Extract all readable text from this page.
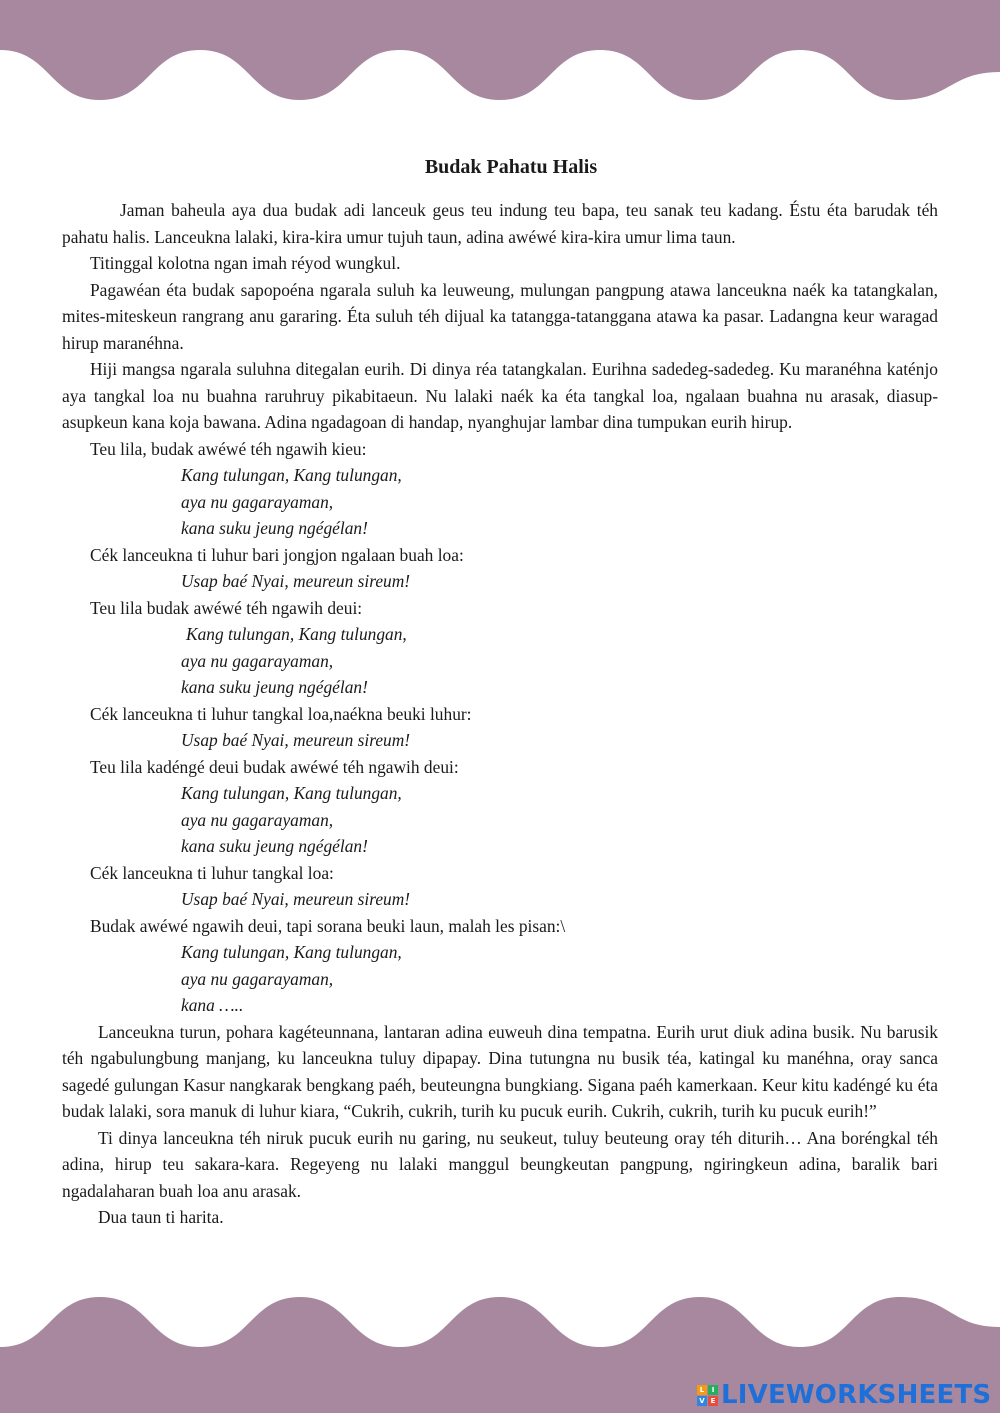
Budak Pahatu Halis

Jaman baheula aya dua budak adi lanceuk geus teu indung teu bapa, teu sanak teu kadang. Éstu éta barudak téh pahatu halis. Lanceukna lalaki, kira-kira umur tujuh taun, adina awéwé kira-kira umur lima taun.

Titinggal kolotna ngan imah réyod wungkul.

Pagawéan éta budak sapopoéna ngarala suluh ka leuweung, mulungan pangpung atawa lanceukna naék ka tatangkalan, mites-miteskeun rangrang anu gararing. Éta suluh téh dijual ka tatangga-tatanggana atawa ka pasar. Ladangna keur waragad hirup maranéhna.

Hiji mangsa ngarala suluhna ditegalan eurih. Di dinya réa tatangkalan. Eurihna sadedeg-sadedeg. Ku maranéhna katénjo aya tangkal loa nu buahna raruhruy pikabitaeun. Nu lalaki naék ka éta tangkal loa, ngalaan buahna nu arasak, diasup-asupkeun kana koja bawana. Adina ngadagoan di handap, nyanghujar lambar dina tumpukan eurih hirup.

Teu lila, budak awéwé téh ngawih kieu:

Kang tulungan, Kang tulungan,

aya nu gagarayaman,

kana suku jeung ngégélan!

Cék lanceukna ti luhur bari jongjon ngalaan buah loa:

Usap baé Nyai, meureun sireum!

Teu lila budak awéwé téh ngawih deui:

Kang tulungan, Kang tulungan,

aya nu gagarayaman,

kana suku jeung ngégélan!

Cék lanceukna ti luhur tangkal loa,naékna beuki luhur:

Usap baé Nyai, meureun sireum!

Teu lila kadéngé deui budak awéwé téh ngawih deui:

Kang tulungan, Kang tulungan,

aya nu gagarayaman,

kana suku jeung ngégélan!

Cék lanceukna ti luhur tangkal loa:

Usap baé Nyai, meureun sireum!

Budak awéwé ngawih deui, tapi sorana beuki laun, malah les pisan:\

Kang tulungan, Kang tulungan,

aya nu gagarayaman,

kana …..

Lanceukna turun, pohara kagéteunnana, lantaran adina euweuh dina tempatna. Eurih urut diuk adina busik. Nu barusik téh ngabulungbung manjang, ku lanceukna tuluy dipapay. Dina tutungna nu busik téa, katingal ku manéhna, oray sanca sagedé gulungan Kasur nangkarak bengkang paéh, beuteungna bungkiang. Sigana paéh kamerkaan. Keur kitu kadéngé ku éta budak lalaki, sora manuk di luhur kiara, “Cukrih, cukrih, turih ku pucuk eurih. Cukrih, cukrih, turih ku pucuk eurih!”

Ti dinya lanceukna téh niruk pucuk eurih nu garing, nu seukeut, tuluy beuteung oray téh diturih… Ana boréngkal téh adina, hirup teu sakara-kara. Regeyeng nu lalaki manggul beungkeutan pangpung, ngiringkeun adina, baralik bari ngadalaharan buah loa anu arasak.

Dua taun ti harita.

L	I
V E LIVEWORKSHEETS
